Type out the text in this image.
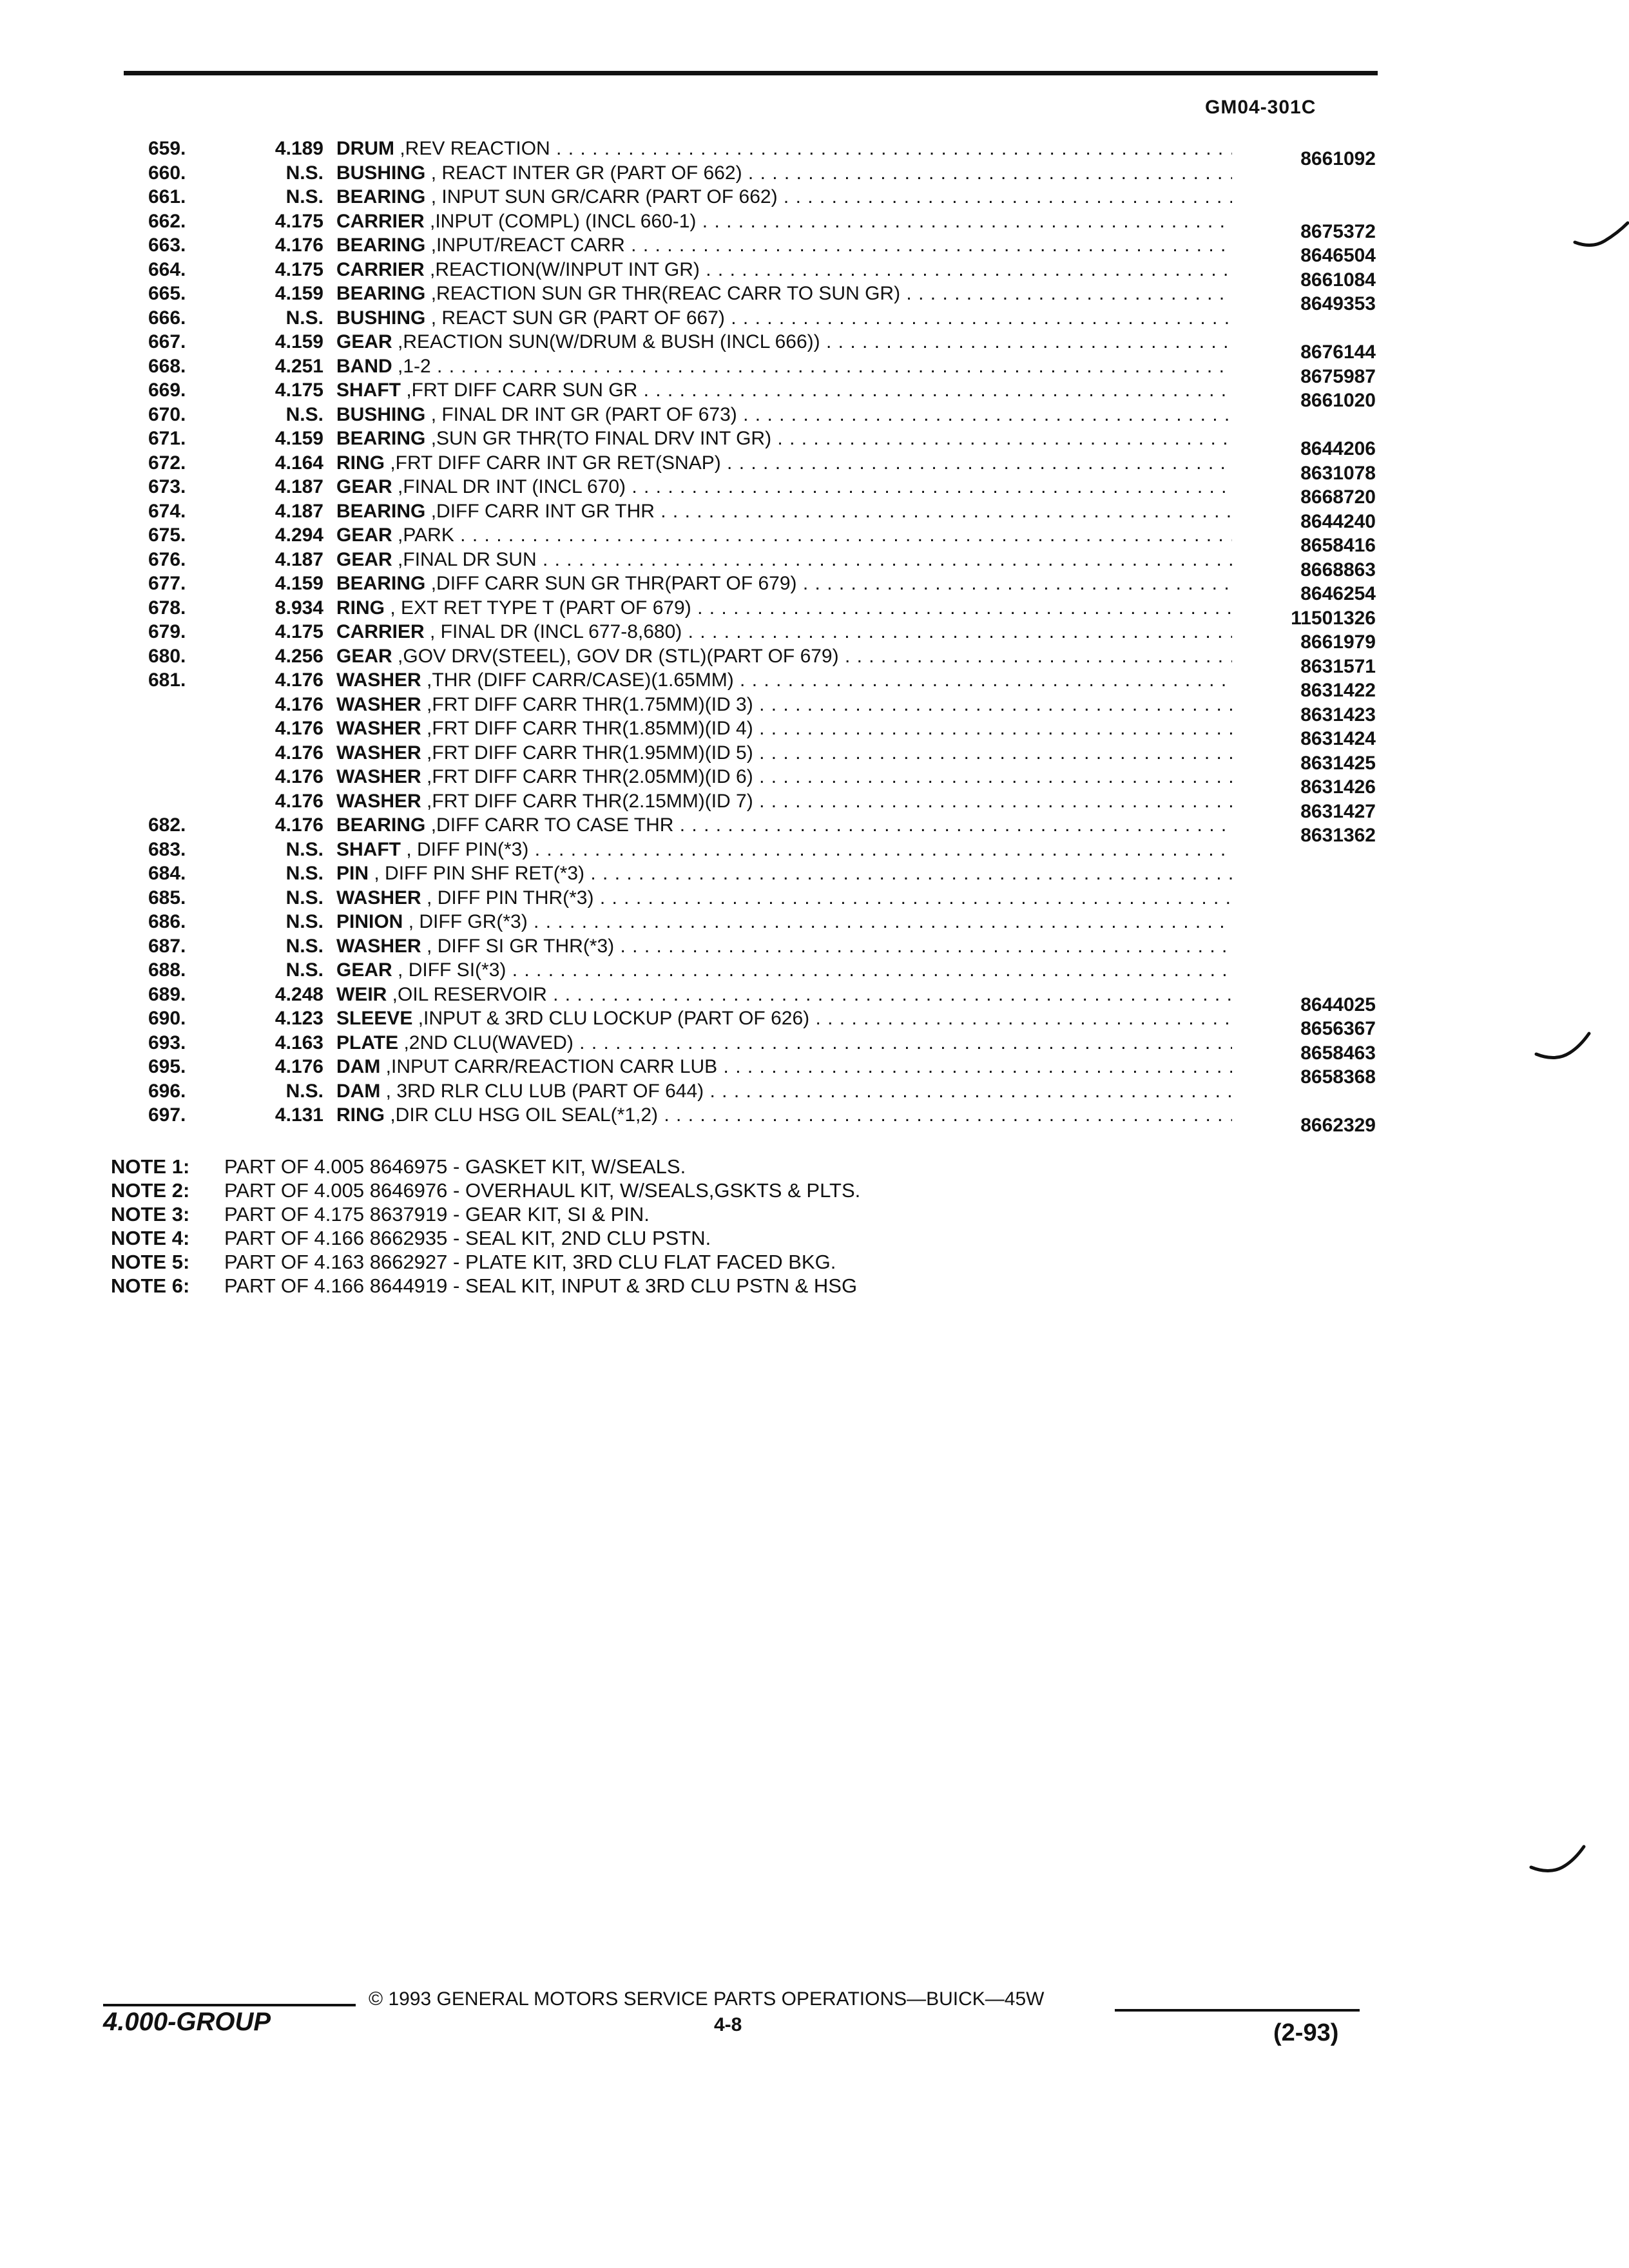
GM04-301C
659.	4.189 DRUM ,REV REACTION . . .	8661092
660.	N.S. BUSHING , REACT INTER GR (PART OF 662) . . .
661.	N.S. BEARING , INPUT SUN GR/CARR (PART OF 662) . . .
662.	4.175 CARRIER ,INPUT (COMPL) (INCL 660-1) . . .	8675372
663.	4.176 BEARING ,INPUT/REACT CARR . . .	8646504
664.	4.175 CARRIER ,REACTION(W/INPUT INT GR) . . .	8661084
665.	4.159 BEARING ,REACTION SUN GR THR(REAC CARR TO SUN GR) . . .	8649353
666.	N.S. BUSHING , REACT SUN GR (PART OF 667) . . .
667.	4.159 GEAR ,REACTION SUN(W/DRUM & BUSH (INCL 666)) . . .	8676144
668.	4.251 BAND ,1-2 . . .	8675987
669.	4.175 SHAFT ,FRT DIFF CARR SUN GR . . .	8661020
670.	N.S. BUSHING , FINAL DR INT GR (PART OF 673) . . .
671.	4.159 BEARING ,SUN GR THR(TO FINAL DRV INT GR) . . .	8644206
672.	4.164 RING ,FRT DIFF CARR INT GR RET(SNAP) . . .	8631078
673.	4.187 GEAR ,FINAL DR INT (INCL 670) . . .	8668720
674.	4.187 BEARING ,DIFF CARR INT GR THR . . .	8644240
675.	4.294 GEAR ,PARK . . .	8658416
676.	4.187 GEAR ,FINAL DR SUN . . .	8668863
677.	4.159 BEARING ,DIFF CARR SUN GR THR(PART OF 679) . . .	8646254
678.	8.934 RING , EXT RET TYPE T (PART OF 679) . . .	11501326
679.	4.175 CARRIER , FINAL DR (INCL 677-8,680) . . .	8661979
680.	4.256 GEAR ,GOV DRV(STEEL), GOV DR (STL)(PART OF 679) . . .	8631571
681.	4.176 WASHER ,THR (DIFF CARR/CASE)(1.65MM) . . .	8631422
4.176 WASHER ,FRT DIFF CARR THR(1.75MM)(ID 3) . . .	8631423
4.176 WASHER ,FRT DIFF CARR THR(1.85MM)(ID 4) . . .	8631424
4.176 WASHER ,FRT DIFF CARR THR(1.95MM)(ID 5) . . .	8631425
4.176 WASHER ,FRT DIFF CARR THR(2.05MM)(ID 6) . . .	8631426
4.176 WASHER ,FRT DIFF CARR THR(2.15MM)(ID 7) . . .	8631427
682.	4.176 BEARING ,DIFF CARR TO CASE THR . . .	8631362
683.	N.S. SHAFT , DIFF PIN(*3) . . .
684.	N.S. PIN , DIFF PIN SHF RET(*3) . . .
685.	N.S. WASHER , DIFF PIN THR(*3) . . .
686.	N.S. PINION , DIFF GR(*3) . . .
687.	N.S. WASHER , DIFF SI GR THR(*3) . . .
688.	N.S. GEAR , DIFF SI(*3) . . .
689.	4.248 WEIR ,OIL RESERVOIR . . .	8644025
690.	4.123 SLEEVE ,INPUT & 3RD CLU LOCKUP (PART OF 626) . . .	8656367
693.	4.163 PLATE ,2ND CLU(WAVED) . . .	8658463
695.	4.176 DAM ,INPUT CARR/REACTION CARR LUB . . .	8658368
696.	N.S. DAM , 3RD RLR CLU LUB (PART OF 644) . . .
697.	4.131 RING ,DIR CLU HSG OIL SEAL(*1,2) . . .	8662329
NOTE 1: PART OF 4.005 8646975 - GASKET KIT, W/SEALS.
NOTE 2: PART OF 4.005 8646976 - OVERHAUL KIT, W/SEALS,GSKTS & PLTS.
NOTE 3: PART OF 4.175 8637919 - GEAR KIT, SI & PIN.
NOTE 4: PART OF 4.166 8662935 - SEAL KIT, 2ND CLU PSTN.
NOTE 5: PART OF 4.163 8662927 - PLATE KIT, 3RD CLU FLAT FACED BKG.
NOTE 6: PART OF 4.166 8644919 - SEAL KIT, INPUT & 3RD CLU PSTN & HSG
4.000-GROUP
© 1993 GENERAL MOTORS SERVICE PARTS OPERATIONS—BUICK—45W
4-8	(2-93)
